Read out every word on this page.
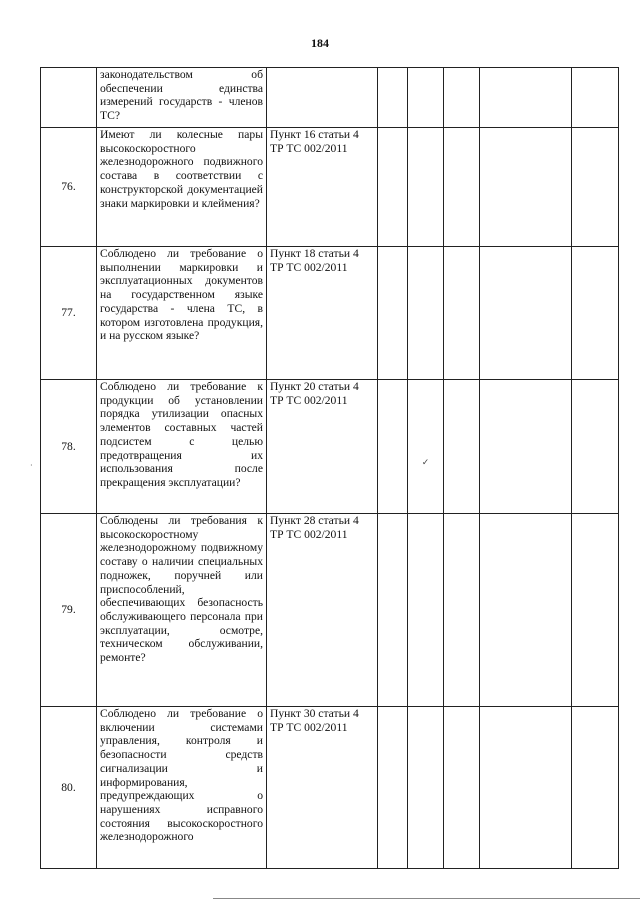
184

	законодательством об обеспечении единства измерений государств - членов ТС?						

76.	Имеют ли колесные пары высокоскоростного железнодорожного подвижного состава в соответствии с конструкторской документацией знаки маркировки и клеймения?	Пункт 16 статьи 4 ТР ТС 002/2011					
77.	Соблюдено ли требование о выполнении маркировки и эксплуатационных документов на государственном языке государства - члена ТС, в котором изготовлена продукция, и на русском языке?	Пункт 18 статьи 4 ТР ТС 002/2011					
78.	Соблюдено ли требование к продукции об установлении порядка утилизации опасных элементов составных частей подсистем с целью предотвращения их использования после прекращения эксплуатации?	Пункт 20 статьи 4 ТР ТС 002/2011		✓			

79.	Соблюдены ли требования к высокоскоростному железнодорожному подвижному составу о наличии специальных подножек, поручней или приспособлений, обеспечивающих безопасность обслуживающего персонала при эксплуатации, осмотре, техническом обслуживании, ремонте?	Пункт 28 статьи 4 ТР ТС 002/2011					
80.	Соблюдено ли требование о включении системами управления, контроля и безопасности средств сигнализации и информирования, предупреждающих о нарушениях исправного состояния высокоскоростного железнодорожного	Пункт 30 статьи 4 ТР ТС 002/2011					
·
